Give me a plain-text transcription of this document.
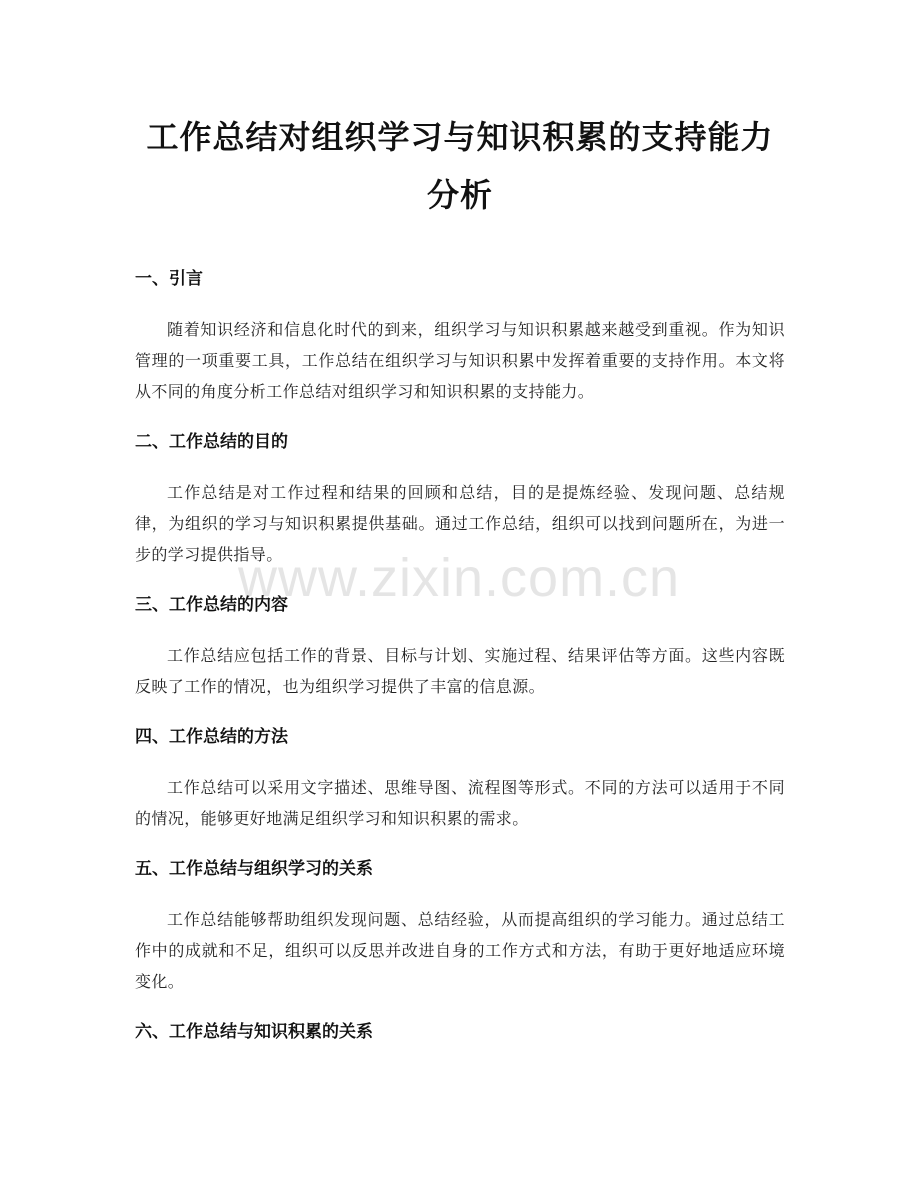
工作总结对组织学习与知识积累的支持能力分析
一、引言

随着知识经济和信息化时代的到来，组织学习与知识积累越来越受到重视。作为知识管理的一项重要工具，工作总结在组织学习与知识积累中发挥着重要的支持作用。本文将从不同的角度分析工作总结对组织学习和知识积累的支持能力。

二、工作总结的目的

工作总结是对工作过程和结果的回顾和总结，目的是提炼经验、发现问题、总结规律，为组织的学习与知识积累提供基础。通过工作总结，组织可以找到问题所在，为进一步的学习提供指导。

三、工作总结的内容

工作总结应包括工作的背景、目标与计划、实施过程、结果评估等方面。这些内容既反映了工作的情况，也为组织学习提供了丰富的信息源。

四、工作总结的方法

工作总结可以采用文字描述、思维导图、流程图等形式。不同的方法可以适用于不同的情况，能够更好地满足组织学习和知识积累的需求。

五、工作总结与组织学习的关系

工作总结能够帮助组织发现问题、总结经验，从而提高组织的学习能力。通过总结工作中的成就和不足，组织可以反思并改进自身的工作方式和方法，有助于更好地适应环境变化。

六、工作总结与知识积累的关系
www.zixin.com.cn
